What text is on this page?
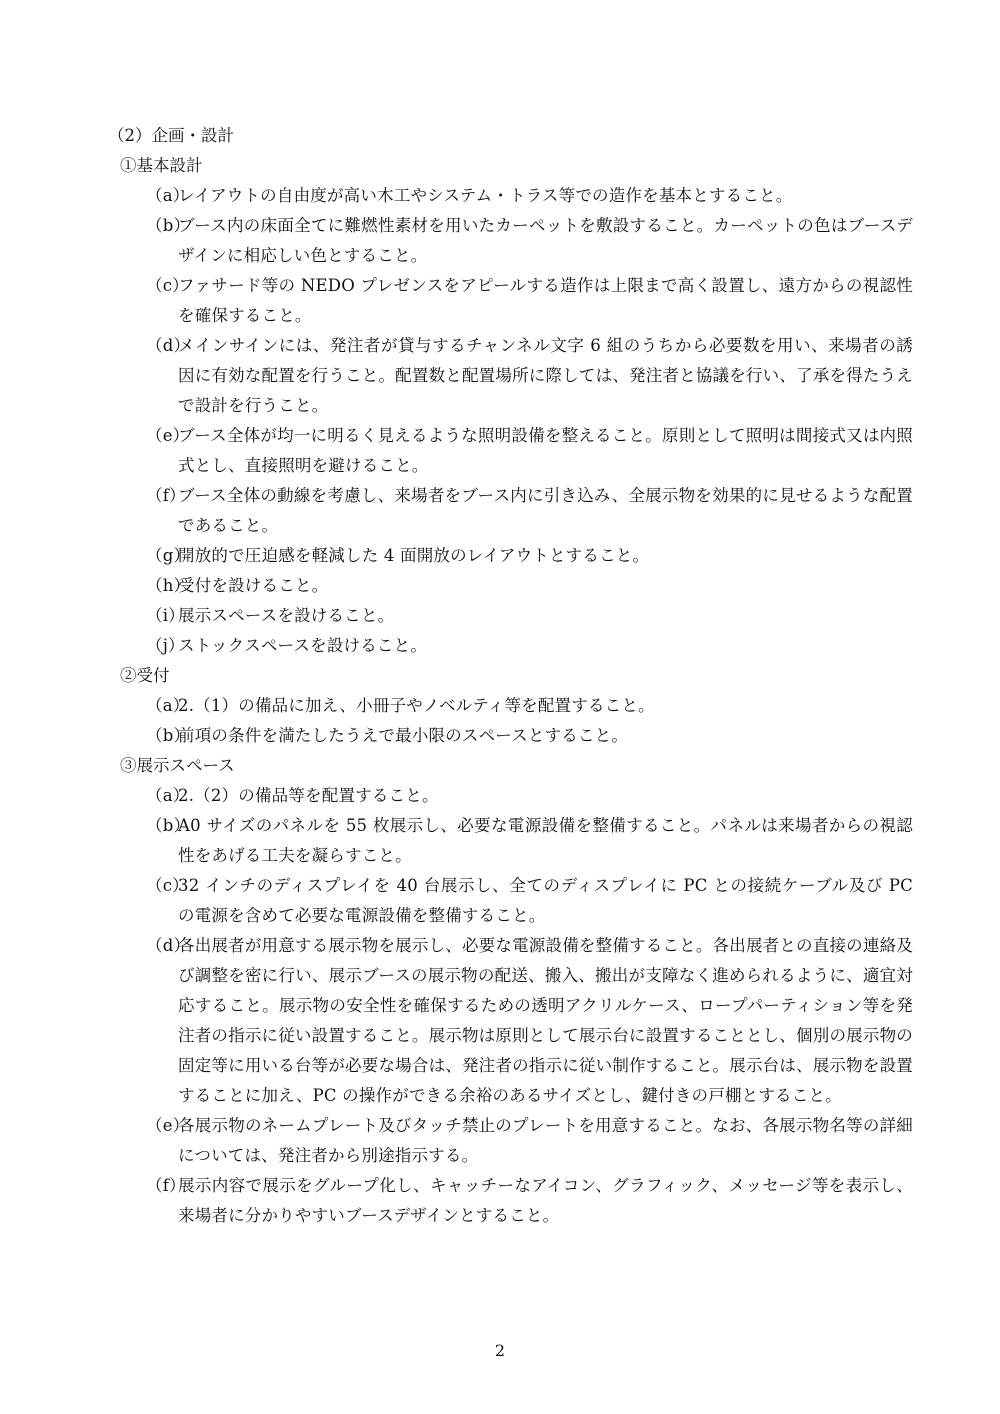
（2）企画・設計

①基本設計

（a）
レイアウトの自由度が高い木工やシステム・トラス等での造作を基本とすること。
（b）
ブース内の床面全てに難燃性素材を用いたカーペットを敷設すること。カーペットの色はブースデザインに相応しい色とすること。
（c）
ファサード等の NEDO プレゼンスをアピールする造作は上限まで高く設置し、遠方からの視認性を確保すること。
（d）
メインサインには、発注者が貸与するチャンネル文字 6 組のうちから必要数を用い、来場者の誘因に有効な配置を行うこと。配置数と配置場所に際しては、発注者と協議を行い、了承を得たうえで設計を行うこと。
（e）
ブース全体が均一に明るく見えるような照明設備を整えること。原則として照明は間接式又は内照式とし、直接照明を避けること。
（f）
ブース全体の動線を考慮し、来場者をブース内に引き込み、全展示物を効果的に見せるような配置であること。
（g）
開放的で圧迫感を軽減した 4 面開放のレイアウトとすること。
（h）
受付を設けること。
（i）
展示スペースを設けること。
（j）
ストックスペースを設けること。

②受付

（a）
2.（1）の備品に加え、小冊子やノベルティ等を配置すること。
（b）
前項の条件を満たしたうえで最小限のスペースとすること。

③展示スペース

（a）
2.（2）の備品等を配置すること。
（b）
A0 サイズのパネルを 55 枚展示し、必要な電源設備を整備すること。パネルは来場者からの視認性をあげる工夫を凝らすこと。
（c）
32 インチのディスプレイを 40 台展示し、全てのディスプレイに PC との接続ケーブル及び PC の電源を含めて必要な電源設備を整備すること。
（d）
各出展者が用意する展示物を展示し、必要な電源設備を整備すること。各出展者との直接の連絡及び調整を密に行い、展示ブースの展示物の配送、搬入、搬出が支障なく進められるように、適宜対応すること。展示物の安全性を確保するための透明アクリルケース、ロープパーティション等を発注者の指示に従い設置すること。展示物は原則として展示台に設置することとし、個別の展示物の固定等に用いる台等が必要な場合は、発注者の指示に従い制作すること。展示台は、展示物を設置することに加え、PC の操作ができる余裕のあるサイズとし、鍵付きの戸棚とすること。
（e）
各展示物のネームプレート及びタッチ禁止のプレートを用意すること。なお、各展示物名等の詳細については、発注者から別途指示する。
（f）
展示内容で展示をグループ化し、キャッチーなアイコン、グラフィック、メッセージ等を表示し、来場者に分かりやすいブースデザインとすること。
2
